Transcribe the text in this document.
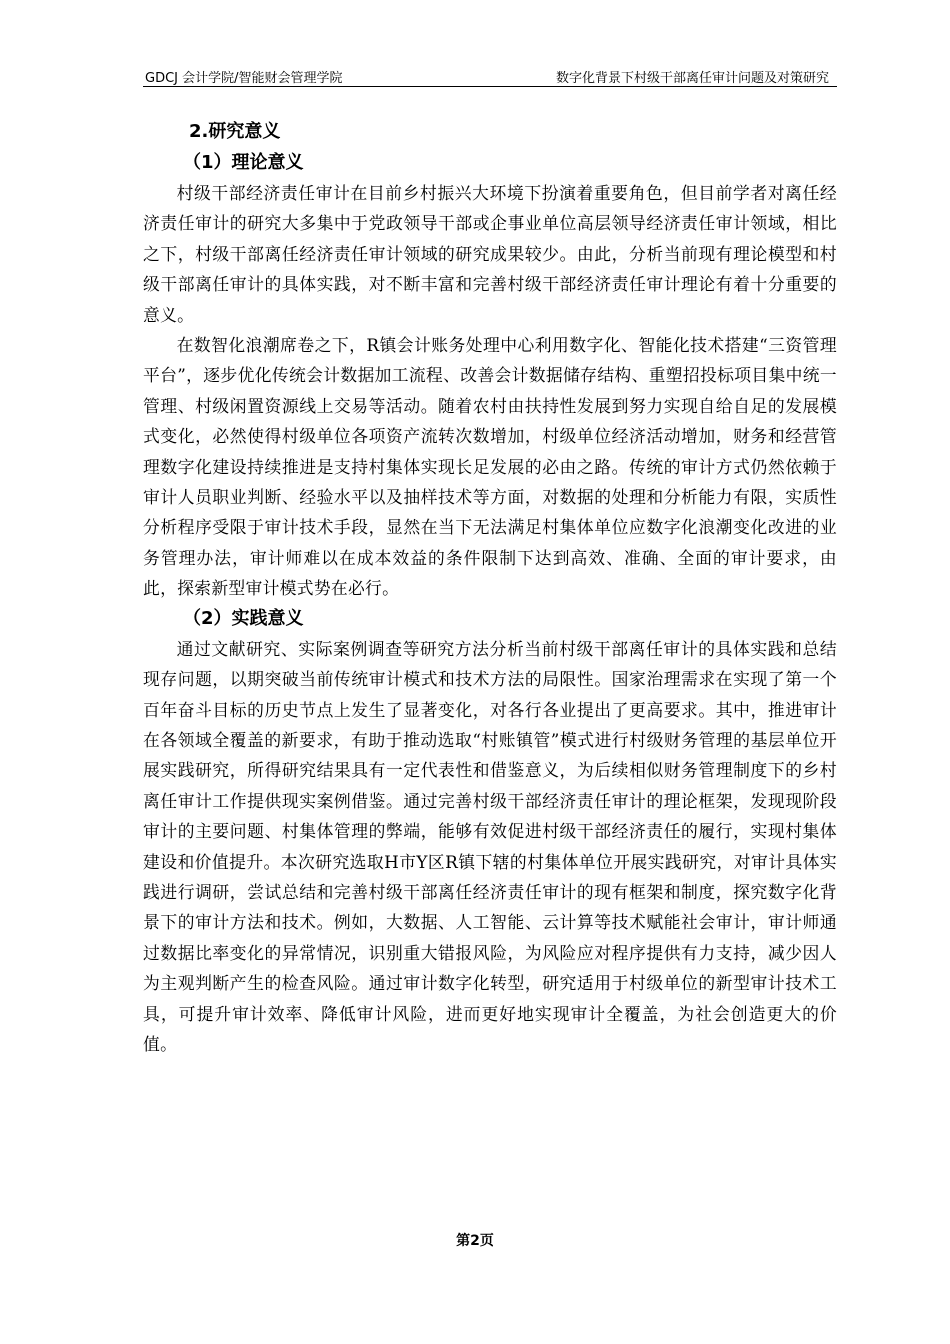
GDCJ 会计学院/智能财会管理学院	数字化背景下村级干部离任审计问题及对策研究
2.研究意义
（1）理论意义

村级干部经济责任审计在目前乡村振兴大环境下扮演着重要角色，但目前学者对离任经济责任审计的研究大多集中于党政领导干部或企事业单位高层领导经济责任审计领域，相比之下，村级干部离任经济责任审计领域的研究成果较少。由此，分析当前现有理论模型和村级干部离任审计的具体实践，对不断丰富和完善村级干部经济责任审计理论有着十分重要的意义。

在数智化浪潮席卷之下，R镇会计账务处理中心利用数字化、智能化技术搭建“三资管理平台”，逐步优化传统会计数据加工流程、改善会计数据储存结构、重塑招投标项目集中统一管理、村级闲置资源线上交易等活动。随着农村由扶持性发展到努力实现自给自足的发展模式变化，必然使得村级单位各项资产流转次数增加，村级单位经济活动增加，财务和经营管理数字化建设持续推进是支持村集体实现长足发展的必由之路。传统的审计方式仍然依赖于审计人员职业判断、经验水平以及抽样技术等方面，对数据的处理和分析能力有限，实质性分析程序受限于审计技术手段，显然在当下无法满足村集体单位应数字化浪潮变化改进的业务管理办法，审计师难以在成本效益的条件限制下达到高效、准确、全面的审计要求，由此，探索新型审计模式势在必行。

（2）实践意义

通过文献研究、实际案例调查等研究方法分析当前村级干部离任审计的具体实践和总结现存问题，以期突破当前传统审计模式和技术方法的局限性。国家治理需求在实现了第一个百年奋斗目标的历史节点上发生了显著变化，对各行各业提出了更高要求。其中，推进审计在各领域全覆盖的新要求，有助于推动选取“村账镇管”模式进行村级财务管理的基层单位开展实践研究，所得研究结果具有一定代表性和借鉴意义，为后续相似财务管理制度下的乡村离任审计工作提供现实案例借鉴。通过完善村级干部经济责任审计的理论框架，发现现阶段审计的主要问题、村集体管理的弊端，能够有效促进村级干部经济责任的履行，实现村集体建设和价值提升。本次研究选取H市Y区R镇下辖的村集体单位开展实践研究，对审计具体实践进行调研，尝试总结和完善村级干部离任经济责任审计的现有框架和制度，探究数字化背景下的审计方法和技术。例如，大数据、人工智能、云计算等技术赋能社会审计，审计师通过数据比率变化的异常情况，识别重大错报风险，为风险应对程序提供有力支持，减少因人为主观判断产生的检查风险。通过审计数字化转型，研究适用于村级单位的新型审计技术工具，可提升审计效率、降低审计风险，进而更好地实现审计全覆盖，为社会创造更大的价值。

第2页
